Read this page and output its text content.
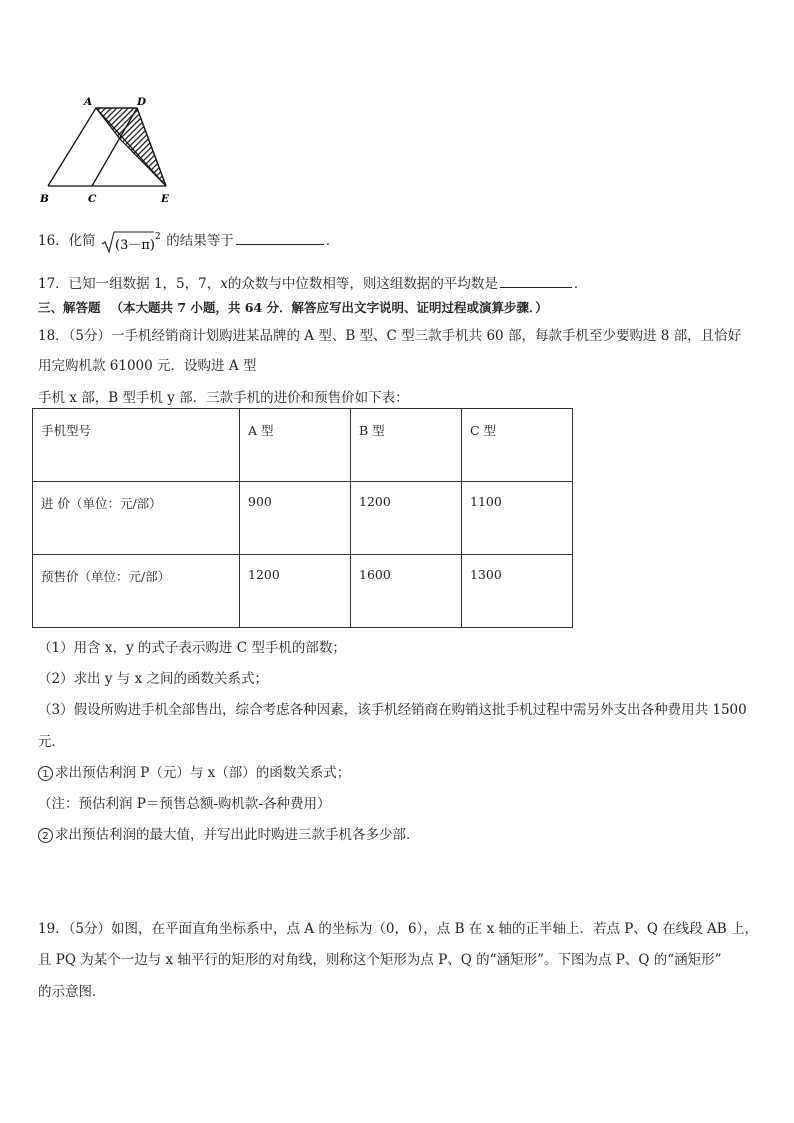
A	D
B	C	E
16．化简 (3－π)
2 的结果等于	．
17．已知一组数据 1，5，7，x的众数与中位数相等，则这组数据的平均数是	．
三、解答题 （本大题共 7 小题，共 64 分．解答应写出文字说明、证明过程或演算步骤．）
18．（5分）一手机经销商计划购进某品牌的 A 型、B 型、C 型三款手机共 60 部，每款手机至少要购进 8 部，且恰好
用完购机款 61000 元．设购进 A 型
手机 x 部，B 型手机 y 部．三款手机的进价和预售价如下表：
手机型号	A 型	B 型	C 型
进 价（单位：元/部）	900	1200	1100
预售价（单位：元/部）	1200	1600	1300
（1）用含 x，y 的式子表示购进 C 型手机的部数；
（2）求出 y 与 x 之间的函数关系式；
（3）假设所购进手机全部售出，综合考虑各种因素，该手机经销商在购销这批手机过程中需另外支出各种费用共 1500
元．
1 求出预估利润 P（元）与 x（部）的函数关系式；
（注：预估利润 P＝预售总额-购机款-各种费用）
2 求出预估利润的最大值，并写出此时购进三款手机各多少部．
19．（5分）如图，在平面直角坐标系中，点 A 的坐标为（0，6），点 B 在 x 轴的正半轴上．若点 P、Q 在线段 AB 上，
且 PQ 为某个一边与 x 轴平行的矩形的对角线，则称这个矩形为点 P、Q 的“涵矩形”。下图为点 P、Q 的“涵矩形”
的示意图．
